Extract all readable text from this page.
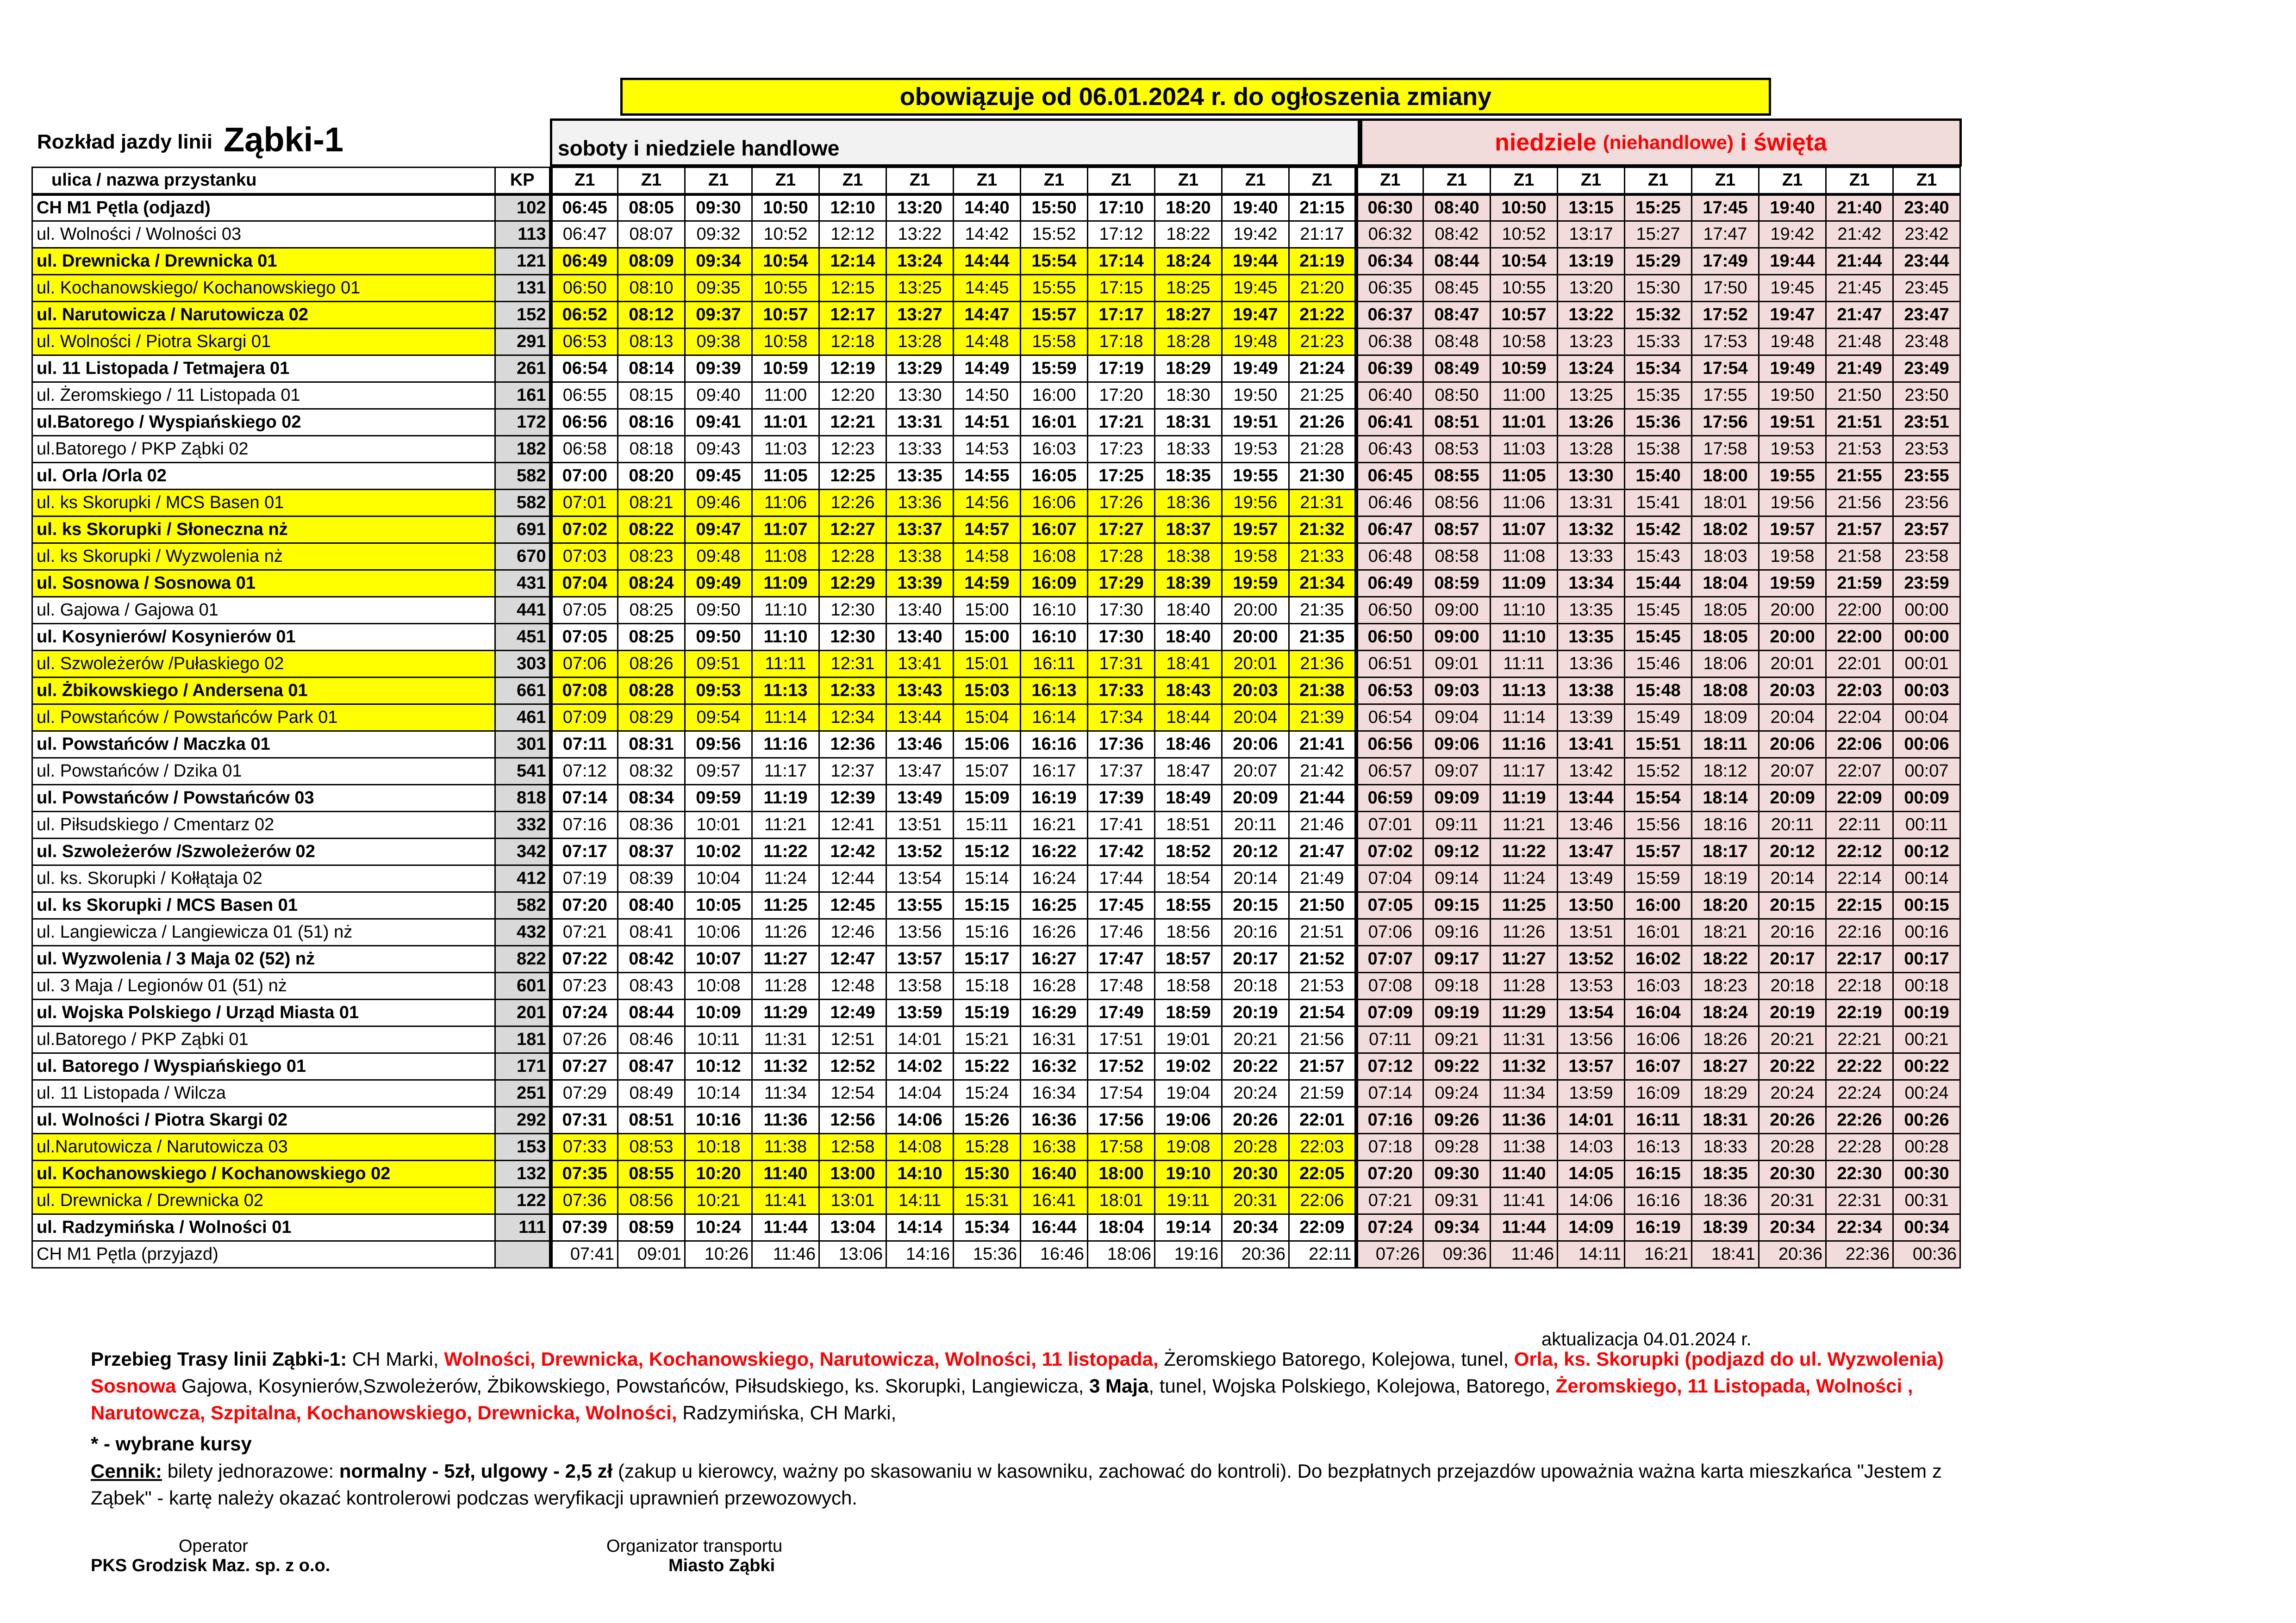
obowiązuje od 06.01.2024 r. do ogłoszenia zmiany
Rozkład jazdy linii Ząbki-1	soboty i niedziele handlowe	niedziele (niehandlowe) i święta
ulica / nazwa przystanku	KP	Z1	Z1	Z1	Z1	Z1	Z1	Z1	Z1	Z1	Z1	Z1	Z1	Z1	Z1	Z1	Z1	Z1	Z1	Z1	Z1	Z1
CH M1 Pętla (odjazd)	102	06:45	08:05	09:30	10:50	12:10	13:20	14:40	15:50	17:10	18:20	19:40	21:15	06:30	08:40	10:50	13:15	15:25	17:45	19:40	21:40	23:40
ul. Wolności / Wolności 03	113	06:47	08:07	09:32	10:52	12:12	13:22	14:42	15:52	17:12	18:22	19:42	21:17	06:32	08:42	10:52	13:17	15:27	17:47	19:42	21:42	23:42
ul. Drewnicka / Drewnicka 01	121	06:49	08:09	09:34	10:54	12:14	13:24	14:44	15:54	17:14	18:24	19:44	21:19	06:34	08:44	10:54	13:19	15:29	17:49	19:44	21:44	23:44
ul. Kochanowskiego/ Kochanowskiego 01	131	06:50	08:10	09:35	10:55	12:15	13:25	14:45	15:55	17:15	18:25	19:45	21:20	06:35	08:45	10:55	13:20	15:30	17:50	19:45	21:45	23:45
ul. Narutowicza / Narutowicza 02	152	06:52	08:12	09:37	10:57	12:17	13:27	14:47	15:57	17:17	18:27	19:47	21:22	06:37	08:47	10:57	13:22	15:32	17:52	19:47	21:47	23:47
ul. Wolności / Piotra Skargi 01	291	06:53	08:13	09:38	10:58	12:18	13:28	14:48	15:58	17:18	18:28	19:48	21:23	06:38	08:48	10:58	13:23	15:33	17:53	19:48	21:48	23:48
ul. 11 Listopada / Tetmajera 01	261	06:54	08:14	09:39	10:59	12:19	13:29	14:49	15:59	17:19	18:29	19:49	21:24	06:39	08:49	10:59	13:24	15:34	17:54	19:49	21:49	23:49
ul. Żeromskiego / 11 Listopada 01	161	06:55	08:15	09:40	11:00	12:20	13:30	14:50	16:00	17:20	18:30	19:50	21:25	06:40	08:50	11:00	13:25	15:35	17:55	19:50	21:50	23:50
ul.Batorego / Wyspiańskiego 02	172	06:56	08:16	09:41	11:01	12:21	13:31	14:51	16:01	17:21	18:31	19:51	21:26	06:41	08:51	11:01	13:26	15:36	17:56	19:51	21:51	23:51
ul.Batorego / PKP Ząbki 02	182	06:58	08:18	09:43	11:03	12:23	13:33	14:53	16:03	17:23	18:33	19:53	21:28	06:43	08:53	11:03	13:28	15:38	17:58	19:53	21:53	23:53
ul. Orla /Orla 02	582	07:00	08:20	09:45	11:05	12:25	13:35	14:55	16:05	17:25	18:35	19:55	21:30	06:45	08:55	11:05	13:30	15:40	18:00	19:55	21:55	23:55
ul. ks Skorupki / MCS Basen 01	582	07:01	08:21	09:46	11:06	12:26	13:36	14:56	16:06	17:26	18:36	19:56	21:31	06:46	08:56	11:06	13:31	15:41	18:01	19:56	21:56	23:56
ul. ks Skorupki / Słoneczna nż	691	07:02	08:22	09:47	11:07	12:27	13:37	14:57	16:07	17:27	18:37	19:57	21:32	06:47	08:57	11:07	13:32	15:42	18:02	19:57	21:57	23:57
ul. ks Skorupki / Wyzwolenia nż	670	07:03	08:23	09:48	11:08	12:28	13:38	14:58	16:08	17:28	18:38	19:58	21:33	06:48	08:58	11:08	13:33	15:43	18:03	19:58	21:58	23:58
ul. Sosnowa / Sosnowa 01	431	07:04	08:24	09:49	11:09	12:29	13:39	14:59	16:09	17:29	18:39	19:59	21:34	06:49	08:59	11:09	13:34	15:44	18:04	19:59	21:59	23:59
ul. Gajowa / Gajowa 01	441	07:05	08:25	09:50	11:10	12:30	13:40	15:00	16:10	17:30	18:40	20:00	21:35	06:50	09:00	11:10	13:35	15:45	18:05	20:00	22:00	00:00
ul. Kosynierów/ Kosynierów 01	451	07:05	08:25	09:50	11:10	12:30	13:40	15:00	16:10	17:30	18:40	20:00	21:35	06:50	09:00	11:10	13:35	15:45	18:05	20:00	22:00	00:00
ul. Szwoleżerów /Pułaskiego 02	303	07:06	08:26	09:51	11:11	12:31	13:41	15:01	16:11	17:31	18:41	20:01	21:36	06:51	09:01	11:11	13:36	15:46	18:06	20:01	22:01	00:01
ul. Żbikowskiego / Andersena 01	661	07:08	08:28	09:53	11:13	12:33	13:43	15:03	16:13	17:33	18:43	20:03	21:38	06:53	09:03	11:13	13:38	15:48	18:08	20:03	22:03	00:03
ul. Powstańców / Powstańców Park 01	461	07:09	08:29	09:54	11:14	12:34	13:44	15:04	16:14	17:34	18:44	20:04	21:39	06:54	09:04	11:14	13:39	15:49	18:09	20:04	22:04	00:04
ul. Powstańców / Maczka 01	301	07:11	08:31	09:56	11:16	12:36	13:46	15:06	16:16	17:36	18:46	20:06	21:41	06:56	09:06	11:16	13:41	15:51	18:11	20:06	22:06	00:06
ul. Powstańców / Dzika 01	541	07:12	08:32	09:57	11:17	12:37	13:47	15:07	16:17	17:37	18:47	20:07	21:42	06:57	09:07	11:17	13:42	15:52	18:12	20:07	22:07	00:07
ul. Powstańców / Powstańców 03	818	07:14	08:34	09:59	11:19	12:39	13:49	15:09	16:19	17:39	18:49	20:09	21:44	06:59	09:09	11:19	13:44	15:54	18:14	20:09	22:09	00:09
ul. Piłsudskiego / Cmentarz 02	332	07:16	08:36	10:01	11:21	12:41	13:51	15:11	16:21	17:41	18:51	20:11	21:46	07:01	09:11	11:21	13:46	15:56	18:16	20:11	22:11	00:11
ul. Szwoleżerów /Szwoleżerów 02	342	07:17	08:37	10:02	11:22	12:42	13:52	15:12	16:22	17:42	18:52	20:12	21:47	07:02	09:12	11:22	13:47	15:57	18:17	20:12	22:12	00:12
ul. ks. Skorupki / Kołłątaja 02	412	07:19	08:39	10:04	11:24	12:44	13:54	15:14	16:24	17:44	18:54	20:14	21:49	07:04	09:14	11:24	13:49	15:59	18:19	20:14	22:14	00:14
ul. ks Skorupki / MCS Basen 01	582	07:20	08:40	10:05	11:25	12:45	13:55	15:15	16:25	17:45	18:55	20:15	21:50	07:05	09:15	11:25	13:50	16:00	18:20	20:15	22:15	00:15
ul. Langiewicza / Langiewicza 01 (51) nż	432	07:21	08:41	10:06	11:26	12:46	13:56	15:16	16:26	17:46	18:56	20:16	21:51	07:06	09:16	11:26	13:51	16:01	18:21	20:16	22:16	00:16
ul. Wyzwolenia / 3 Maja 02 (52) nż	822	07:22	08:42	10:07	11:27	12:47	13:57	15:17	16:27	17:47	18:57	20:17	21:52	07:07	09:17	11:27	13:52	16:02	18:22	20:17	22:17	00:17
ul. 3 Maja / Legionów 01 (51) nż	601	07:23	08:43	10:08	11:28	12:48	13:58	15:18	16:28	17:48	18:58	20:18	21:53	07:08	09:18	11:28	13:53	16:03	18:23	20:18	22:18	00:18
ul. Wojska Polskiego / Urząd Miasta 01	201	07:24	08:44	10:09	11:29	12:49	13:59	15:19	16:29	17:49	18:59	20:19	21:54	07:09	09:19	11:29	13:54	16:04	18:24	20:19	22:19	00:19
ul.Batorego / PKP Ząbki 01	181	07:26	08:46	10:11	11:31	12:51	14:01	15:21	16:31	17:51	19:01	20:21	21:56	07:11	09:21	11:31	13:56	16:06	18:26	20:21	22:21	00:21
ul. Batorego / Wyspiańskiego 01	171	07:27	08:47	10:12	11:32	12:52	14:02	15:22	16:32	17:52	19:02	20:22	21:57	07:12	09:22	11:32	13:57	16:07	18:27	20:22	22:22	00:22
ul. 11 Listopada / Wilcza	251	07:29	08:49	10:14	11:34	12:54	14:04	15:24	16:34	17:54	19:04	20:24	21:59	07:14	09:24	11:34	13:59	16:09	18:29	20:24	22:24	00:24
ul. Wolności / Piotra Skargi 02	292	07:31	08:51	10:16	11:36	12:56	14:06	15:26	16:36	17:56	19:06	20:26	22:01	07:16	09:26	11:36	14:01	16:11	18:31	20:26	22:26	00:26
ul.Narutowicza / Narutowicza 03	153	07:33	08:53	10:18	11:38	12:58	14:08	15:28	16:38	17:58	19:08	20:28	22:03	07:18	09:28	11:38	14:03	16:13	18:33	20:28	22:28	00:28
ul. Kochanowskiego / Kochanowskiego 02	132	07:35	08:55	10:20	11:40	13:00	14:10	15:30	16:40	18:00	19:10	20:30	22:05	07:20	09:30	11:40	14:05	16:15	18:35	20:30	22:30	00:30
ul. Drewnicka / Drewnicka 02	122	07:36	08:56	10:21	11:41	13:01	14:11	15:31	16:41	18:01	19:11	20:31	22:06	07:21	09:31	11:41	14:06	16:16	18:36	20:31	22:31	00:31
ul. Radzymińska / Wolności 01	111	07:39	08:59	10:24	11:44	13:04	14:14	15:34	16:44	18:04	19:14	20:34	22:09	07:24	09:34	11:44	14:09	16:19	18:39	20:34	22:34	00:34
CH M1 Pętla (przyjazd)		07:41	09:01	10:26	11:46	13:06	14:16	15:36	16:46	18:06	19:16	20:36	22:11	07:26	09:36	11:46	14:11	16:21	18:41	20:36	22:36	00:36
aktualizacja 04.01.2024 r.
Przebieg Trasy linii Ząbki-1: CH Marki, Wolności, Drewnicka, Kochanowskiego, Narutowicza, Wolności, 11 listopada, Żeromskiego Batorego, Kolejowa, tunel, Orla, ks. Skorupki (podjazd do ul. Wyzwolenia) Sosnowa Gajowa, Kosynierów,Szwoleżerów, Żbikowskiego, Powstańców, Piłsudskiego, ks. Skorupki, Langiewicza, 3 Maja, tunel, Wojska Polskiego, Kolejowa, Batorego, Żeromskiego, 11 Listopada, Wolności , Narutowcza, Szpitalna, Kochanowskiego, Drewnicka, Wolności, Radzymińska, CH Marki,
* - wybrane kursy
Cennik: bilety jednorazowe: normalny - 5zł, ulgowy - 2,5 zł (zakup u kierowcy, ważny po skasowaniu w kasowniku, zachować do kontroli). Do bezpłatnych przejazdów upoważnia ważna karta mieszkańca "Jestem z Ząbek" - kartę należy okazać kontrolerowi podczas weryfikacji uprawnień przewozowych.
Operator
PKS Grodzisk Maz. sp. z o.o.
Organizator transportu
Miasto Ząbki
